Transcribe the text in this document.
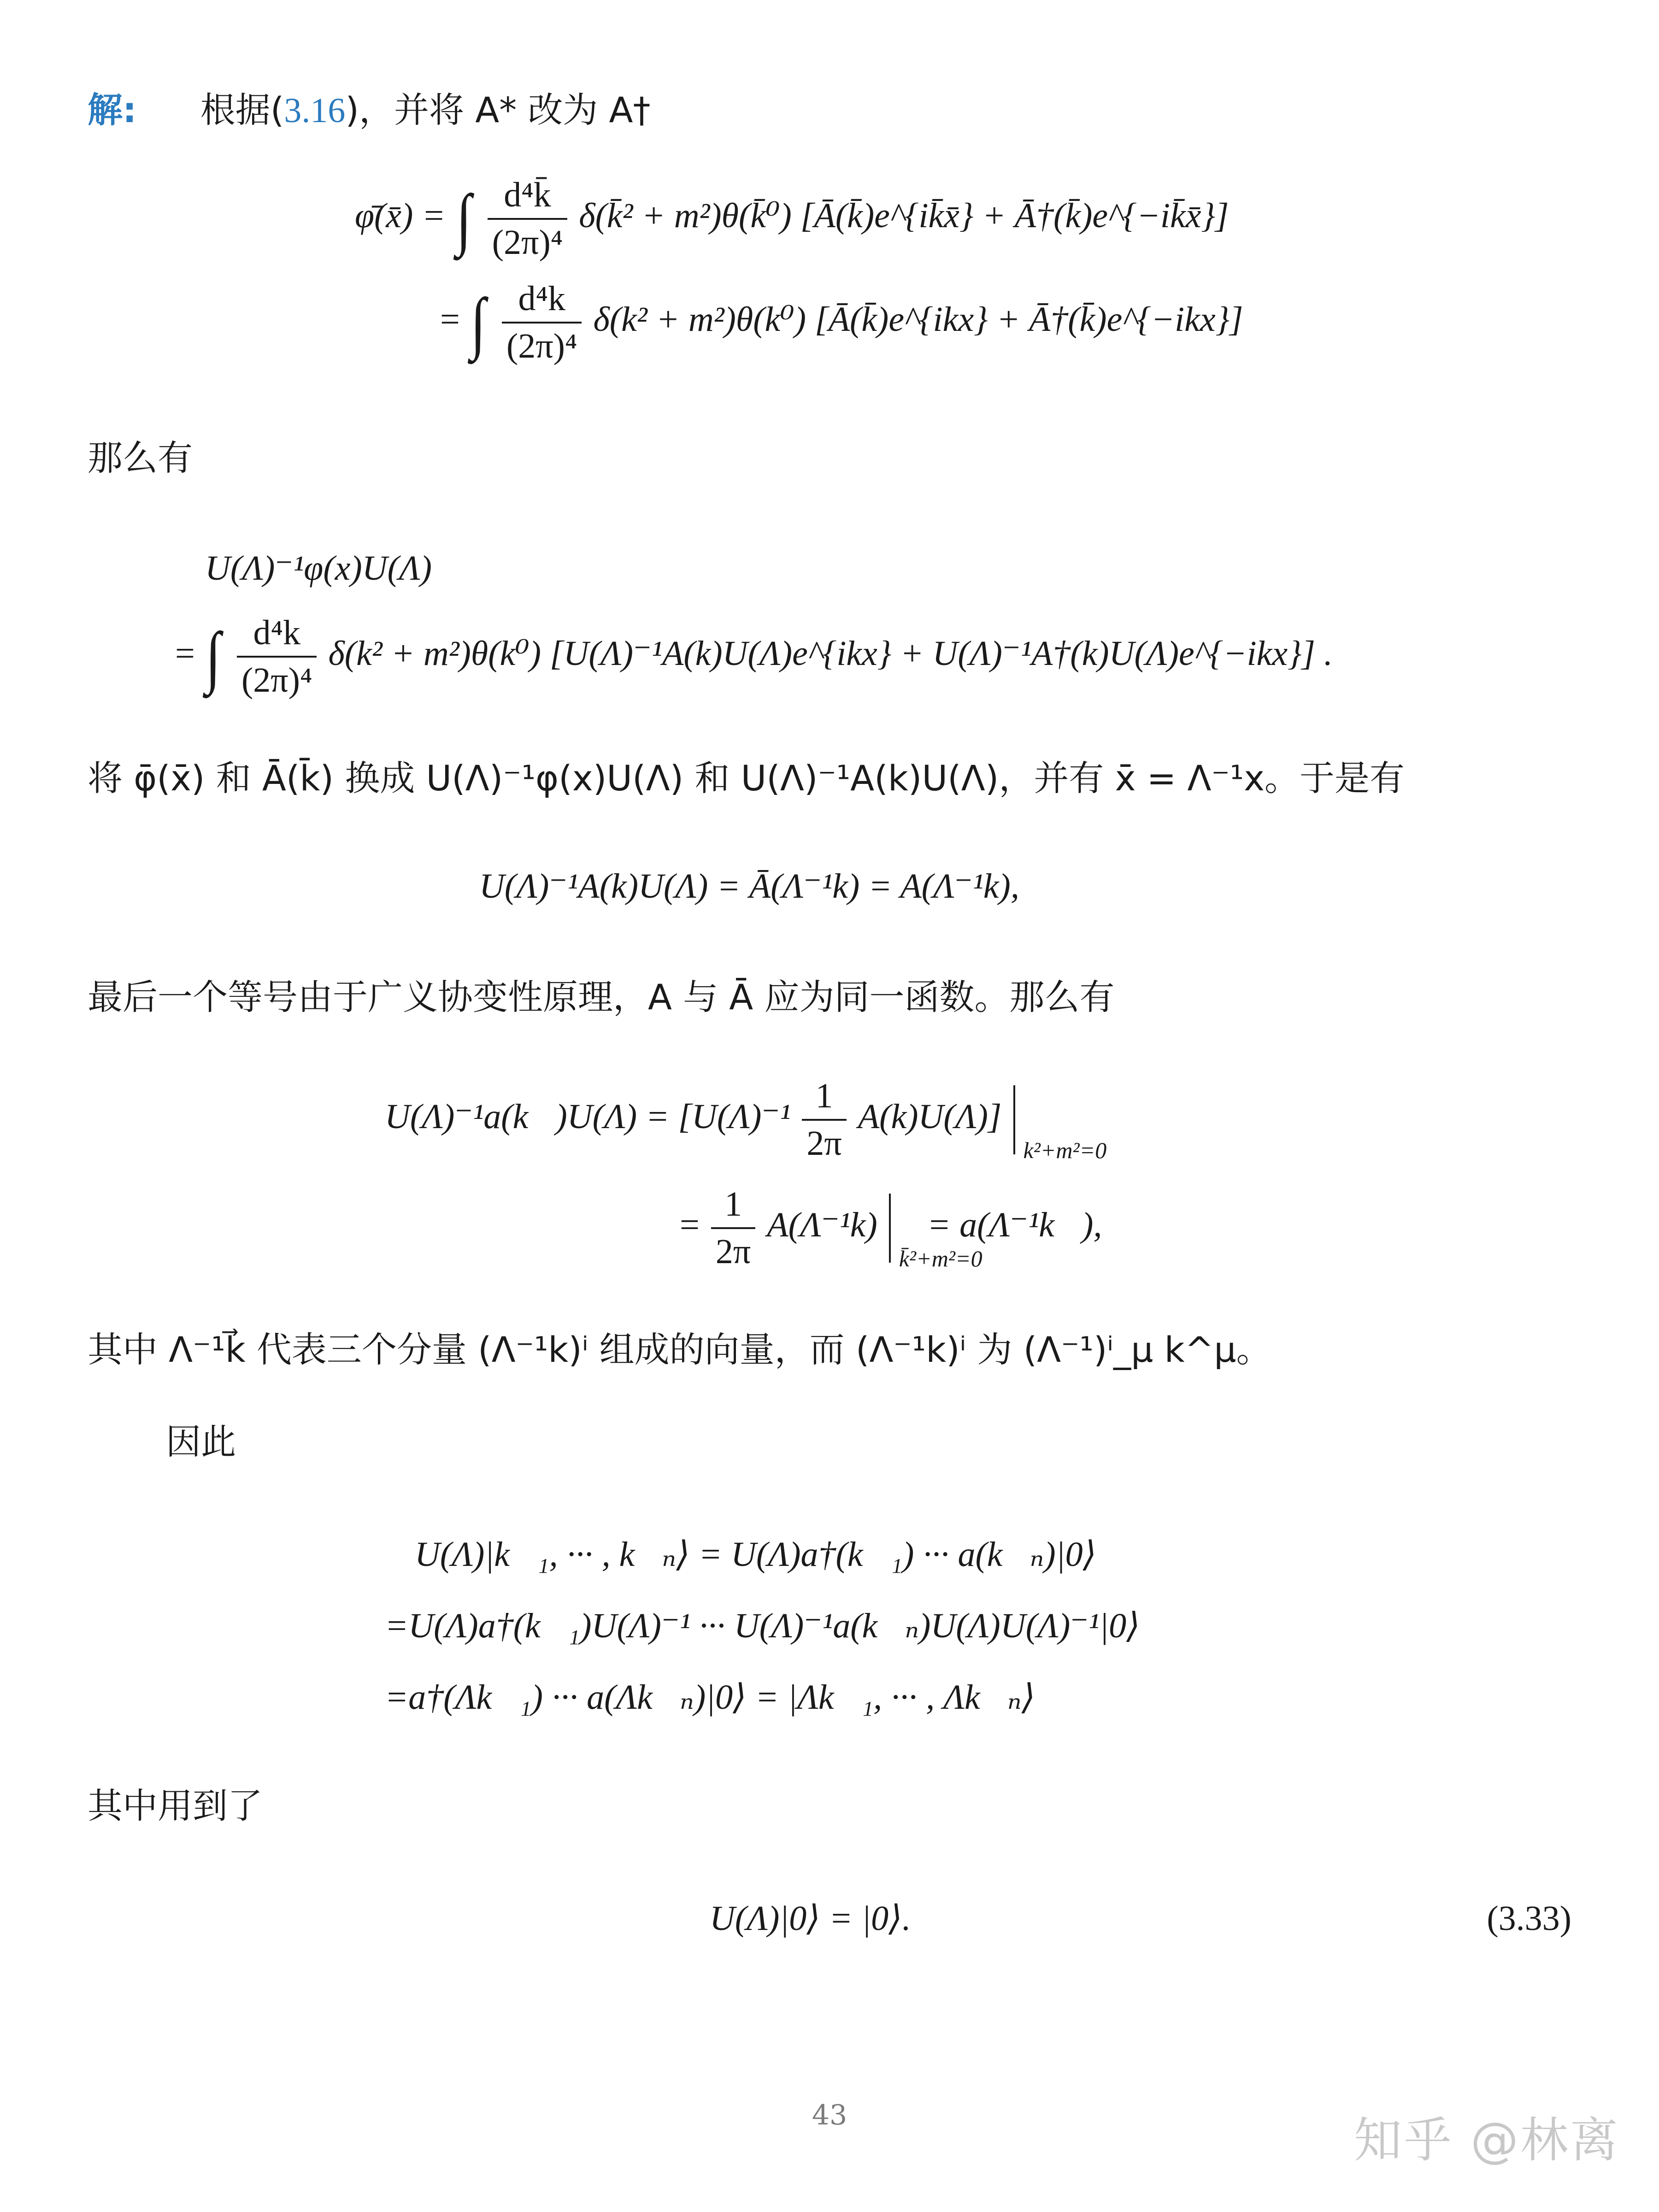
解: 根据(3.16)，并将 A* 改为 A†
φ̄(x̄) = ∫ $\frac{\text{d⁴k̄}}{\text{(2π)⁴}}$ δ(k̄² + m²)θ(k̄⁰) [Ā(k̄)e^{ik̄x̄} + Ā†(k̄)e^{−ik̄x̄}]
= ∫ $\frac{\text{d⁴k}}{\text{(2π)⁴}} \delta(k^2 + m^2)\theta(k^0)$ [Ā(k̄)e^{ikx} + Ā†(k̄)e^{−ikx}]
那么有
U(Λ)⁻¹φ(x)U(Λ)
= ∫ $\frac{\text{d⁴k}}{\text{(2π)⁴}} \delta(k^2 + m^2)\theta(k^0)$ [U(Λ)⁻¹A(k)U(Λ)e^{ikx} + U(Λ)⁻¹A†(k)U(Λ)e^{−ikx}] .
将 φ̄(x̄) 和 Ā(k̄) 换成 U(Λ)⁻¹φ(x)U(Λ) 和 U(Λ)⁻¹A(k)U(Λ)，并有 x̄ = Λ⁻¹x。于是有
U(Λ)⁻¹A(k)U(Λ) = Ā(Λ⁻¹k) = A(Λ⁻¹k),
最后一个等号由于广义协变性原理，A 与 Ā 应为同一函数。那么有
U(Λ)⁻¹a(k⃗)U(Λ) = $[U(\Lambda)^{-1} \frac{1}{2\pi} A(k)U(\Lambda)]$
k²+m²=0
= $\frac{1}{2\pi} A(\Lambda^{-1}k)$
k̄²+m²=0
= a(Λ⁻¹k⃗),
其中 Λ⁻¹k⃗ 代表三个分量 (Λ⁻¹k)ⁱ 组成的向量，而 (Λ⁻¹k)ⁱ 为 (Λ⁻¹)ⁱ_μ k^μ。
因此
U(Λ)|k⃗₁, ··· , k⃗ₙ⟩ = U(Λ)a†(k⃗₁) ··· a(k⃗ₙ)|0⟩
=U(Λ)a†(k⃗₁)U(Λ)⁻¹ ··· U(Λ)⁻¹a(k⃗ₙ)U(Λ)U(Λ)⁻¹|0⟩
=a†(Λk⃗₁) ··· a(Λk⃗ₙ)|0⟩ = |Λk⃗₁, ··· , Λk⃗ₙ⟩
其中用到了
U(Λ)|0⟩ = |0⟩.	(3.33)
43	知乎 @林离
